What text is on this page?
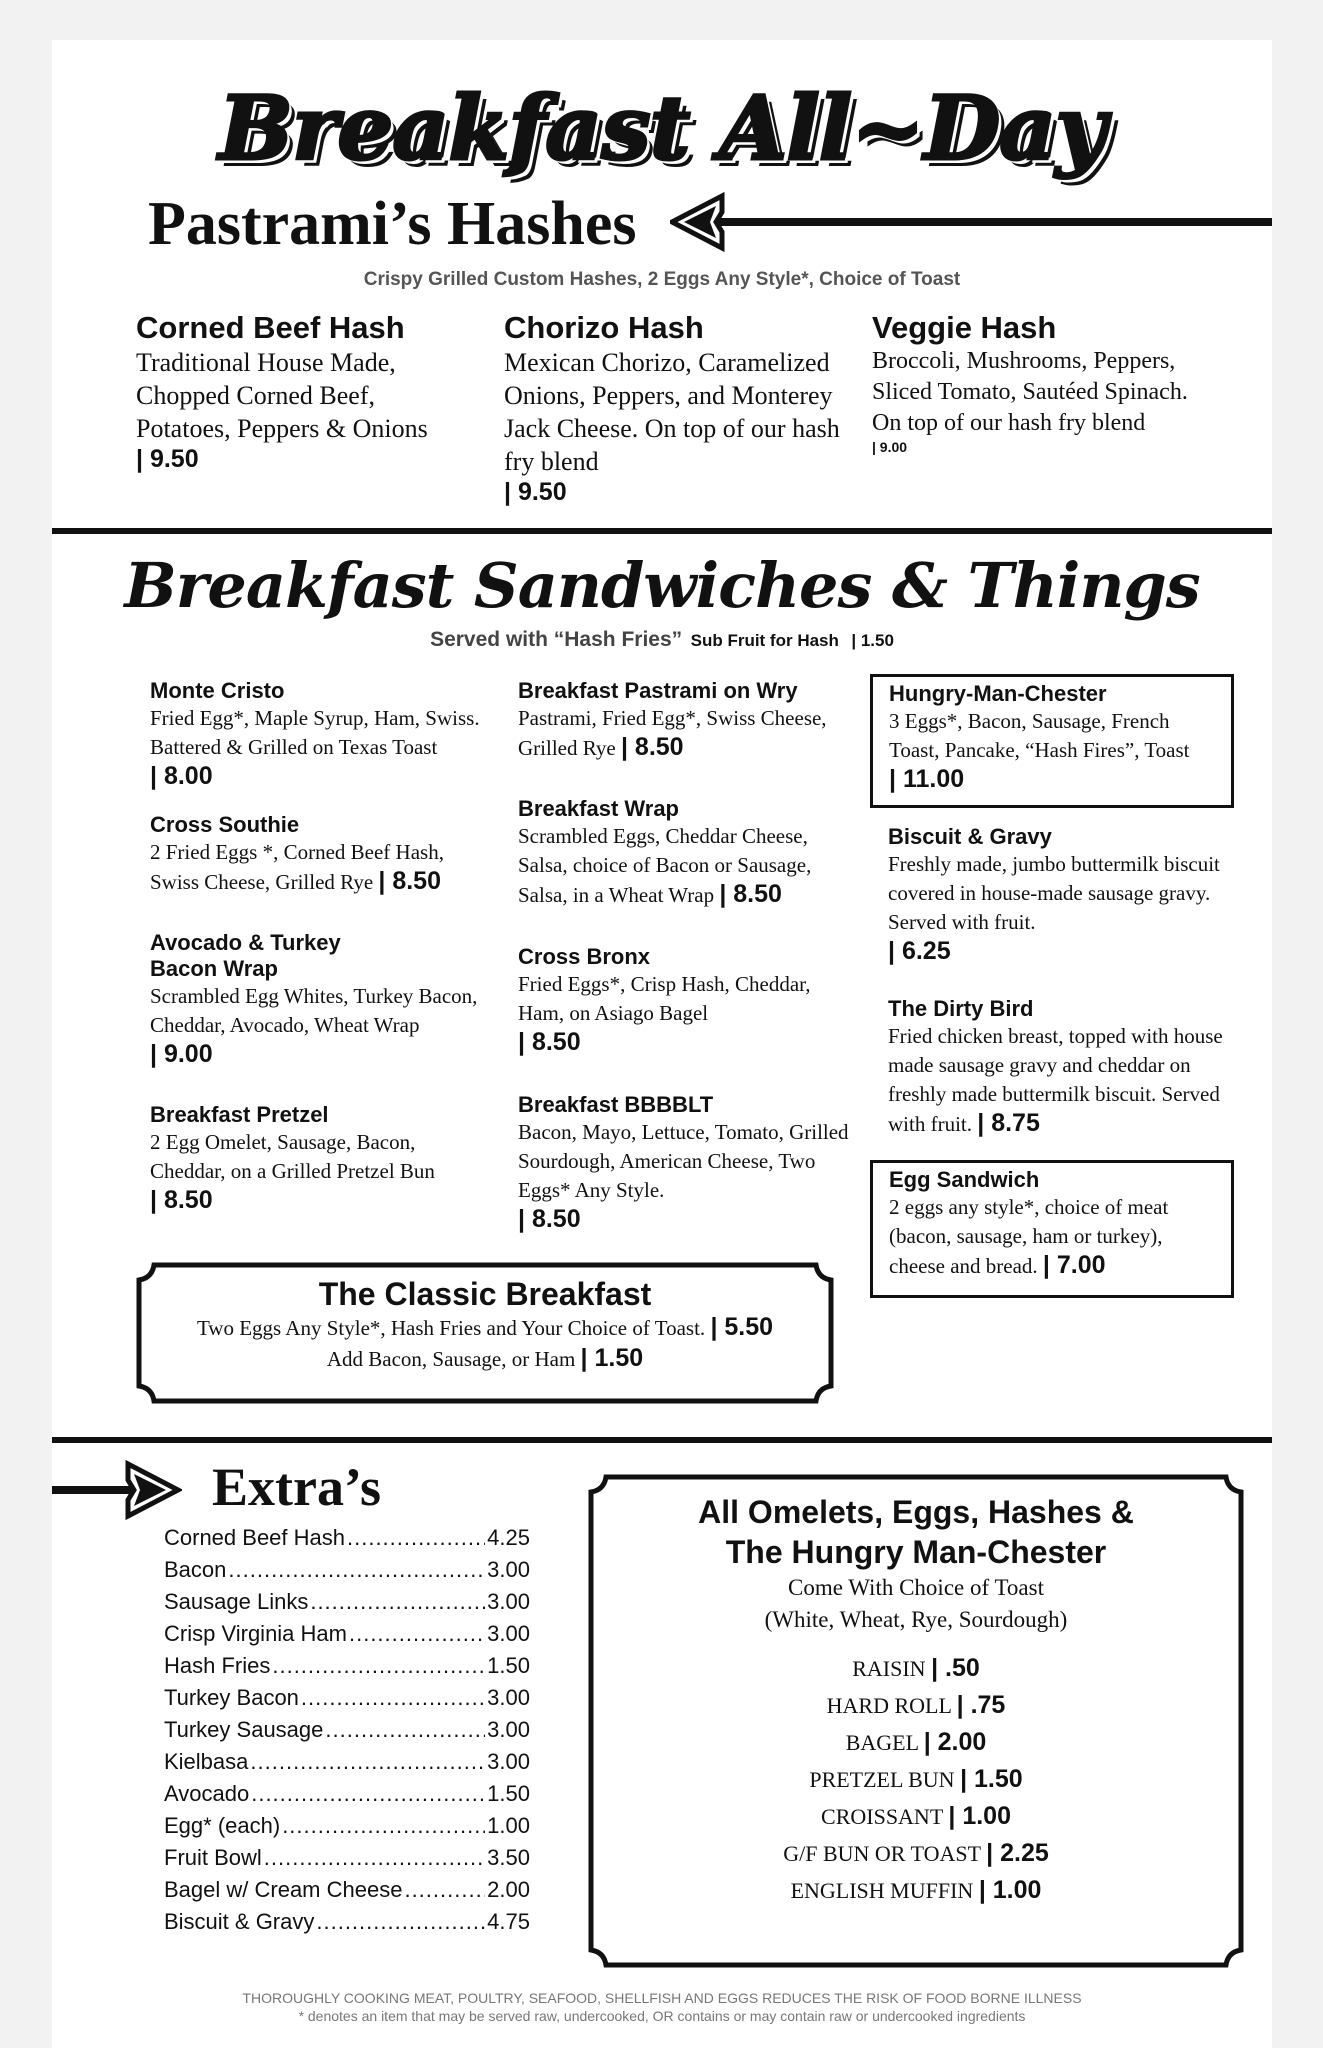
Breakfast All~Day
Pastrami’s Hashes
Crispy Grilled Custom Hashes, 2 Eggs Any Style*, Choice of Toast
Corned Beef Hash
Traditional House Made, Chopped Corned Beef, Potatoes, Peppers & Onions
| 9.50
Chorizo Hash
Mexican Chorizo, Caramelized Onions, Peppers, and Monterey Jack Cheese. On top of our hash fry blend
| 9.50
Veggie Hash
Broccoli, Mushrooms, Peppers, Sliced Tomato, Sautéed Spinach. On top of our hash fry blend
| 9.00
Breakfast Sandwiches & Things
Served with “Hash Fries” Sub Fruit for Hash | 1.50
Monte Cristo
Fried Egg*, Maple Syrup, Ham, Swiss. Battered & Grilled on Texas Toast | 8.00
Cross Southie
2 Fried Eggs *, Corned Beef Hash, Swiss Cheese, Grilled Rye | 8.50
Avocado & Turkey Bacon Wrap
Scrambled Egg Whites, Turkey Bacon, Cheddar, Avocado, Wheat Wrap | 9.00
Breakfast Pretzel
2 Egg Omelet, Sausage, Bacon, Cheddar, on a Grilled Pretzel Bun
| 8.50
Breakfast Pastrami on Wry
Pastrami, Fried Egg*, Swiss Cheese, Grilled Rye | 8.50
Breakfast Wrap
Scrambled Eggs, Cheddar Cheese, Salsa, choice of Bacon or Sausage, Salsa, in a Wheat Wrap | 8.50
Cross Bronx
Fried Eggs*, Crisp Hash, Cheddar, Ham, on Asiago Bagel
| 8.50
Breakfast BBBBLT
Bacon, Mayo, Lettuce, Tomato, Grilled Sourdough, American Cheese, Two Eggs* Any Style.
| 8.50
Hungry-Man-Chester
3 Eggs*, Bacon, Sausage, French Toast, Pancake, “Hash Fires”, Toast
| 11.00
Biscuit & Gravy
Freshly made, jumbo buttermilk biscuit covered in house-made sausage gravy. Served with fruit.
| 6.25
The Dirty Bird
Fried chicken breast, topped with house made sausage gravy and cheddar on freshly made buttermilk biscuit. Served with fruit. | 8.75
Egg Sandwich
2 eggs any style*, choice of meat (bacon, sausage, ham or turkey), cheese and bread. | 7.00
The Classic Breakfast
Two Eggs Any Style*, Hash Fries and Your Choice of Toast. | 5.50
Add Bacon, Sausage, or Ham | 1.50
Extra’s
Corned Beef Hash .....	4.25
Bacon .....	3.00
Sausage Links .....	3.00
Crisp Virginia Ham .....	3.00
Hash Fries .....	1.50
Turkey Bacon .....	3.00
Turkey Sausage .....	3.00
Kielbasa .....	3.00
Avocado .....	1.50
Egg* (each) .....	1.00
Fruit Bowl .....	3.50
Bagel w/ Cream Cheese .....	2.00
Biscuit & Gravy .....	4.75
All Omelets, Eggs, Hashes &
The Hungry Man-Chester
Come With Choice of Toast
(White, Wheat, Rye, Sourdough)
RAISIN | .50
HARD ROLL | .75
BAGEL | 2.00
PRETZEL BUN | 1.50
CROISSANT | 1.00
G/F BUN OR TOAST | 2.25
ENGLISH MUFFIN | 1.00
THOROUGHLY COOKING MEAT, POULTRY, SEAFOOD, SHELLFISH AND EGGS REDUCES THE RISK OF FOOD BORNE ILLNESS
* denotes an item that may be served raw, undercooked, OR contains or may contain raw or undercooked ingredients
